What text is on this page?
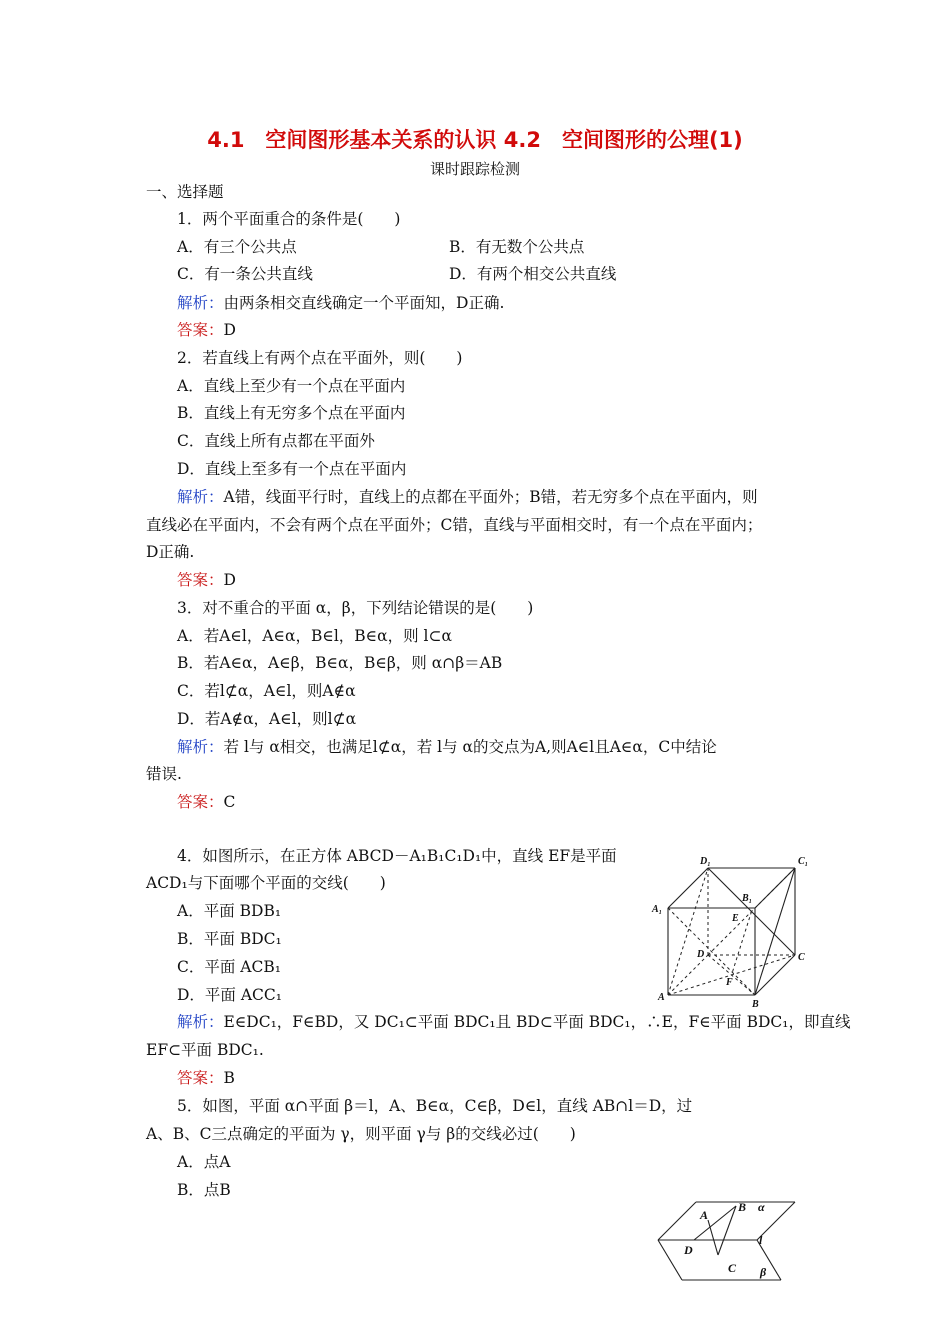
4.1　空间图形基本关系的认识 4.2　空间图形的公理(1)
课时跟踪检测
一、选择题
1．两个平面重合的条件是(　　)
A．有三个公共点	B．有无数个公共点
C．有一条公共直线	D．有两个相交公共直线
解析：由两条相交直线确定一个平面知，D正确.
答案：D
2．若直线上有两个点在平面外，则(　　)
A．直线上至少有一个点在平面内
B．直线上有无穷多个点在平面内
C．直线上所有点都在平面外
D．直线上至多有一个点在平面内
解析：A错，线面平行时，直线上的点都在平面外；B错，若无穷多个点在平面内，则
直线必在平面内，不会有两个点在平面外；C错，直线与平面相交时，有一个点在平面内；
D正确.
答案：D
3．对不重合的平面 α，β，下列结论错误的是(　　)
A．若A∈l，A∈α，B∈l，B∈α，则 l⊂α
B．若A∈α，A∈β，B∈α，B∈β，则 α∩β＝AB
C．若l⊄α，A∈l，则A∉α
D．若A∉α，A∈l，则l⊄α
解析：若 l与 α相交，也满足l⊄α，若 l与 α的交点为A,则A∈l且A∈α，C中结论
错误.
答案：C
4．如图所示，在正方体 ABCD－A₁B₁C₁D₁中，直线 EF是平面
ACD₁与下面哪个平面的交线(　　)
A．平面 BDB₁
B．平面 BDC₁
C．平面 ACB₁
D．平面 ACC₁
解析：E∈DC₁，F∈BD，又 DC₁⊂平面 BDC₁且 BD⊂平面 BDC₁，∴E，F∈平面 BDC₁，即直线
EF⊂平面 BDC₁.
答案：B
D₁	C₁
A₁
B₁
E
D	C
F
A
B
5．如图，平面 α∩平面 β＝l，A、B∈α，C∈β，D∈l，直线 AB∩l＝D，过
A、B、C三点确定的平面为 γ，则平面 γ与 β的交线必过(　　)
A．点A
B．点B
A
B α
D
l
C β
